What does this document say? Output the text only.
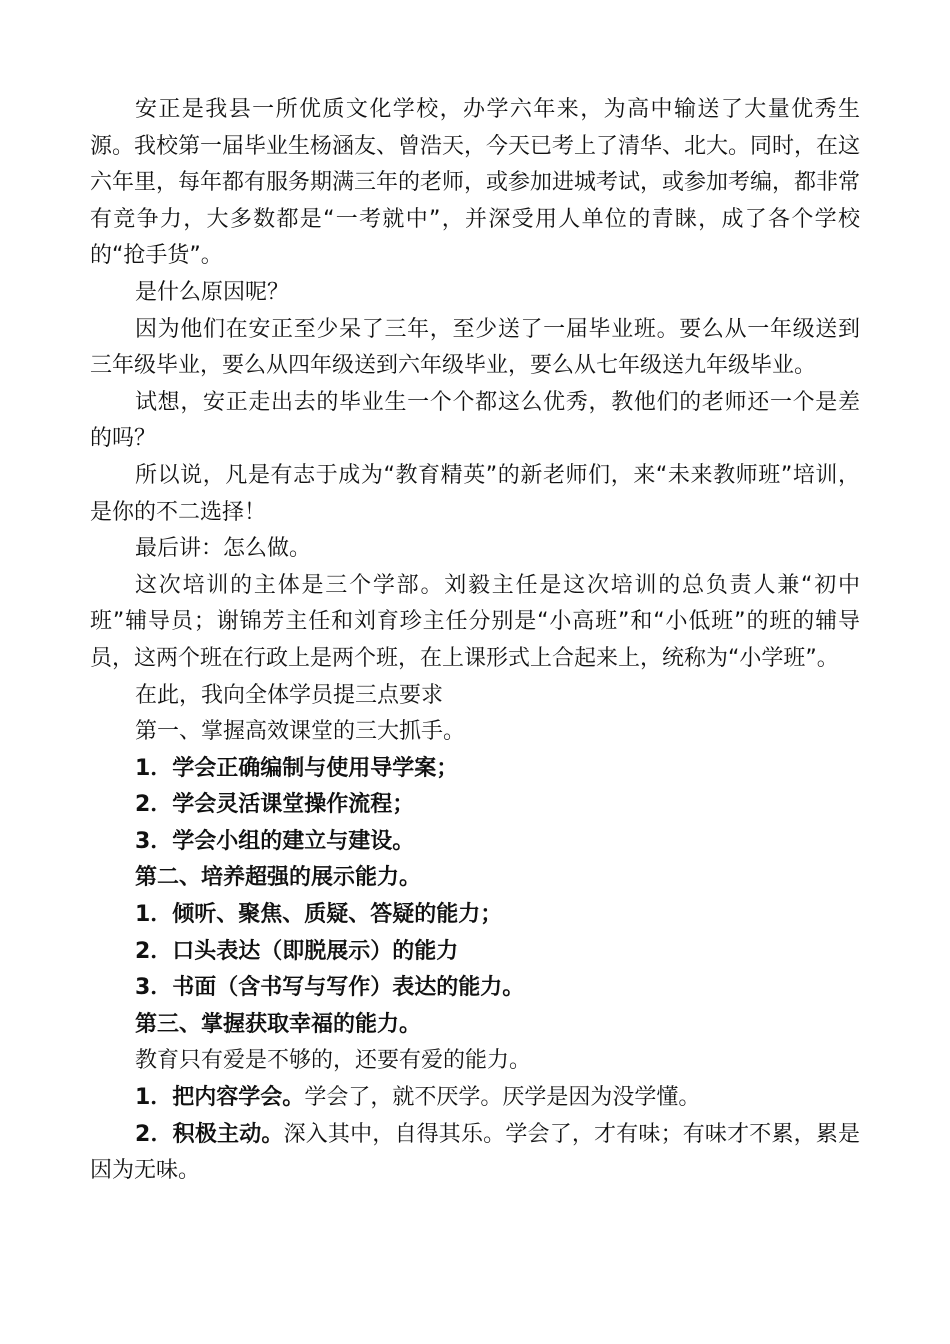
安正是我县一所优质文化学校，办学六年来，为高中输送了大量优秀生源。我校第一届毕业生杨涵友、曾浩天，今天已考上了清华、北大。同时，在这六年里，每年都有服务期满三年的老师，或参加进城考试，或参加考编，都非常有竞争力，大多数都是“一考就中”，并深受用人单位的青睐，成了各个学校的“抢手货”。

是什么原因呢？

因为他们在安正至少呆了三年，至少送了一届毕业班。要么从一年级送到三年级毕业，要么从四年级送到六年级毕业，要么从七年级送九年级毕业。

试想，安正走出去的毕业生一个个都这么优秀，教他们的老师还一个是差的吗？

所以说，凡是有志于成为“教育精英”的新老师们，来“未来教师班”培训，是你的不二选择！

最后讲：怎么做。

这次培训的主体是三个学部。刘毅主任是这次培训的总负责人兼“初中班”辅导员；谢锦芳主任和刘育珍主任分别是“小高班”和“小低班”的班的辅导员，这两个班在行政上是两个班，在上课形式上合起来上，统称为“小学班”。

在此，我向全体学员提三点要求

第一、掌握高效课堂的三大抓手。

1．学会正确编制与使用导学案；

2．学会灵活课堂操作流程；

3．学会小组的建立与建设。

第二、培养超强的展示能力。

1．倾听、聚焦、质疑、答疑的能力；

2．口头表达（即脱展示）的能力

3．书面（含书写与写作）表达的能力。

第三、掌握获取幸福的能力。

教育只有爱是不够的，还要有爱的能力。

1．把内容学会。学会了，就不厌学。厌学是因为没学懂。

2．积极主动。深入其中，自得其乐。学会了，才有味；有味才不累，累是因为无味。
